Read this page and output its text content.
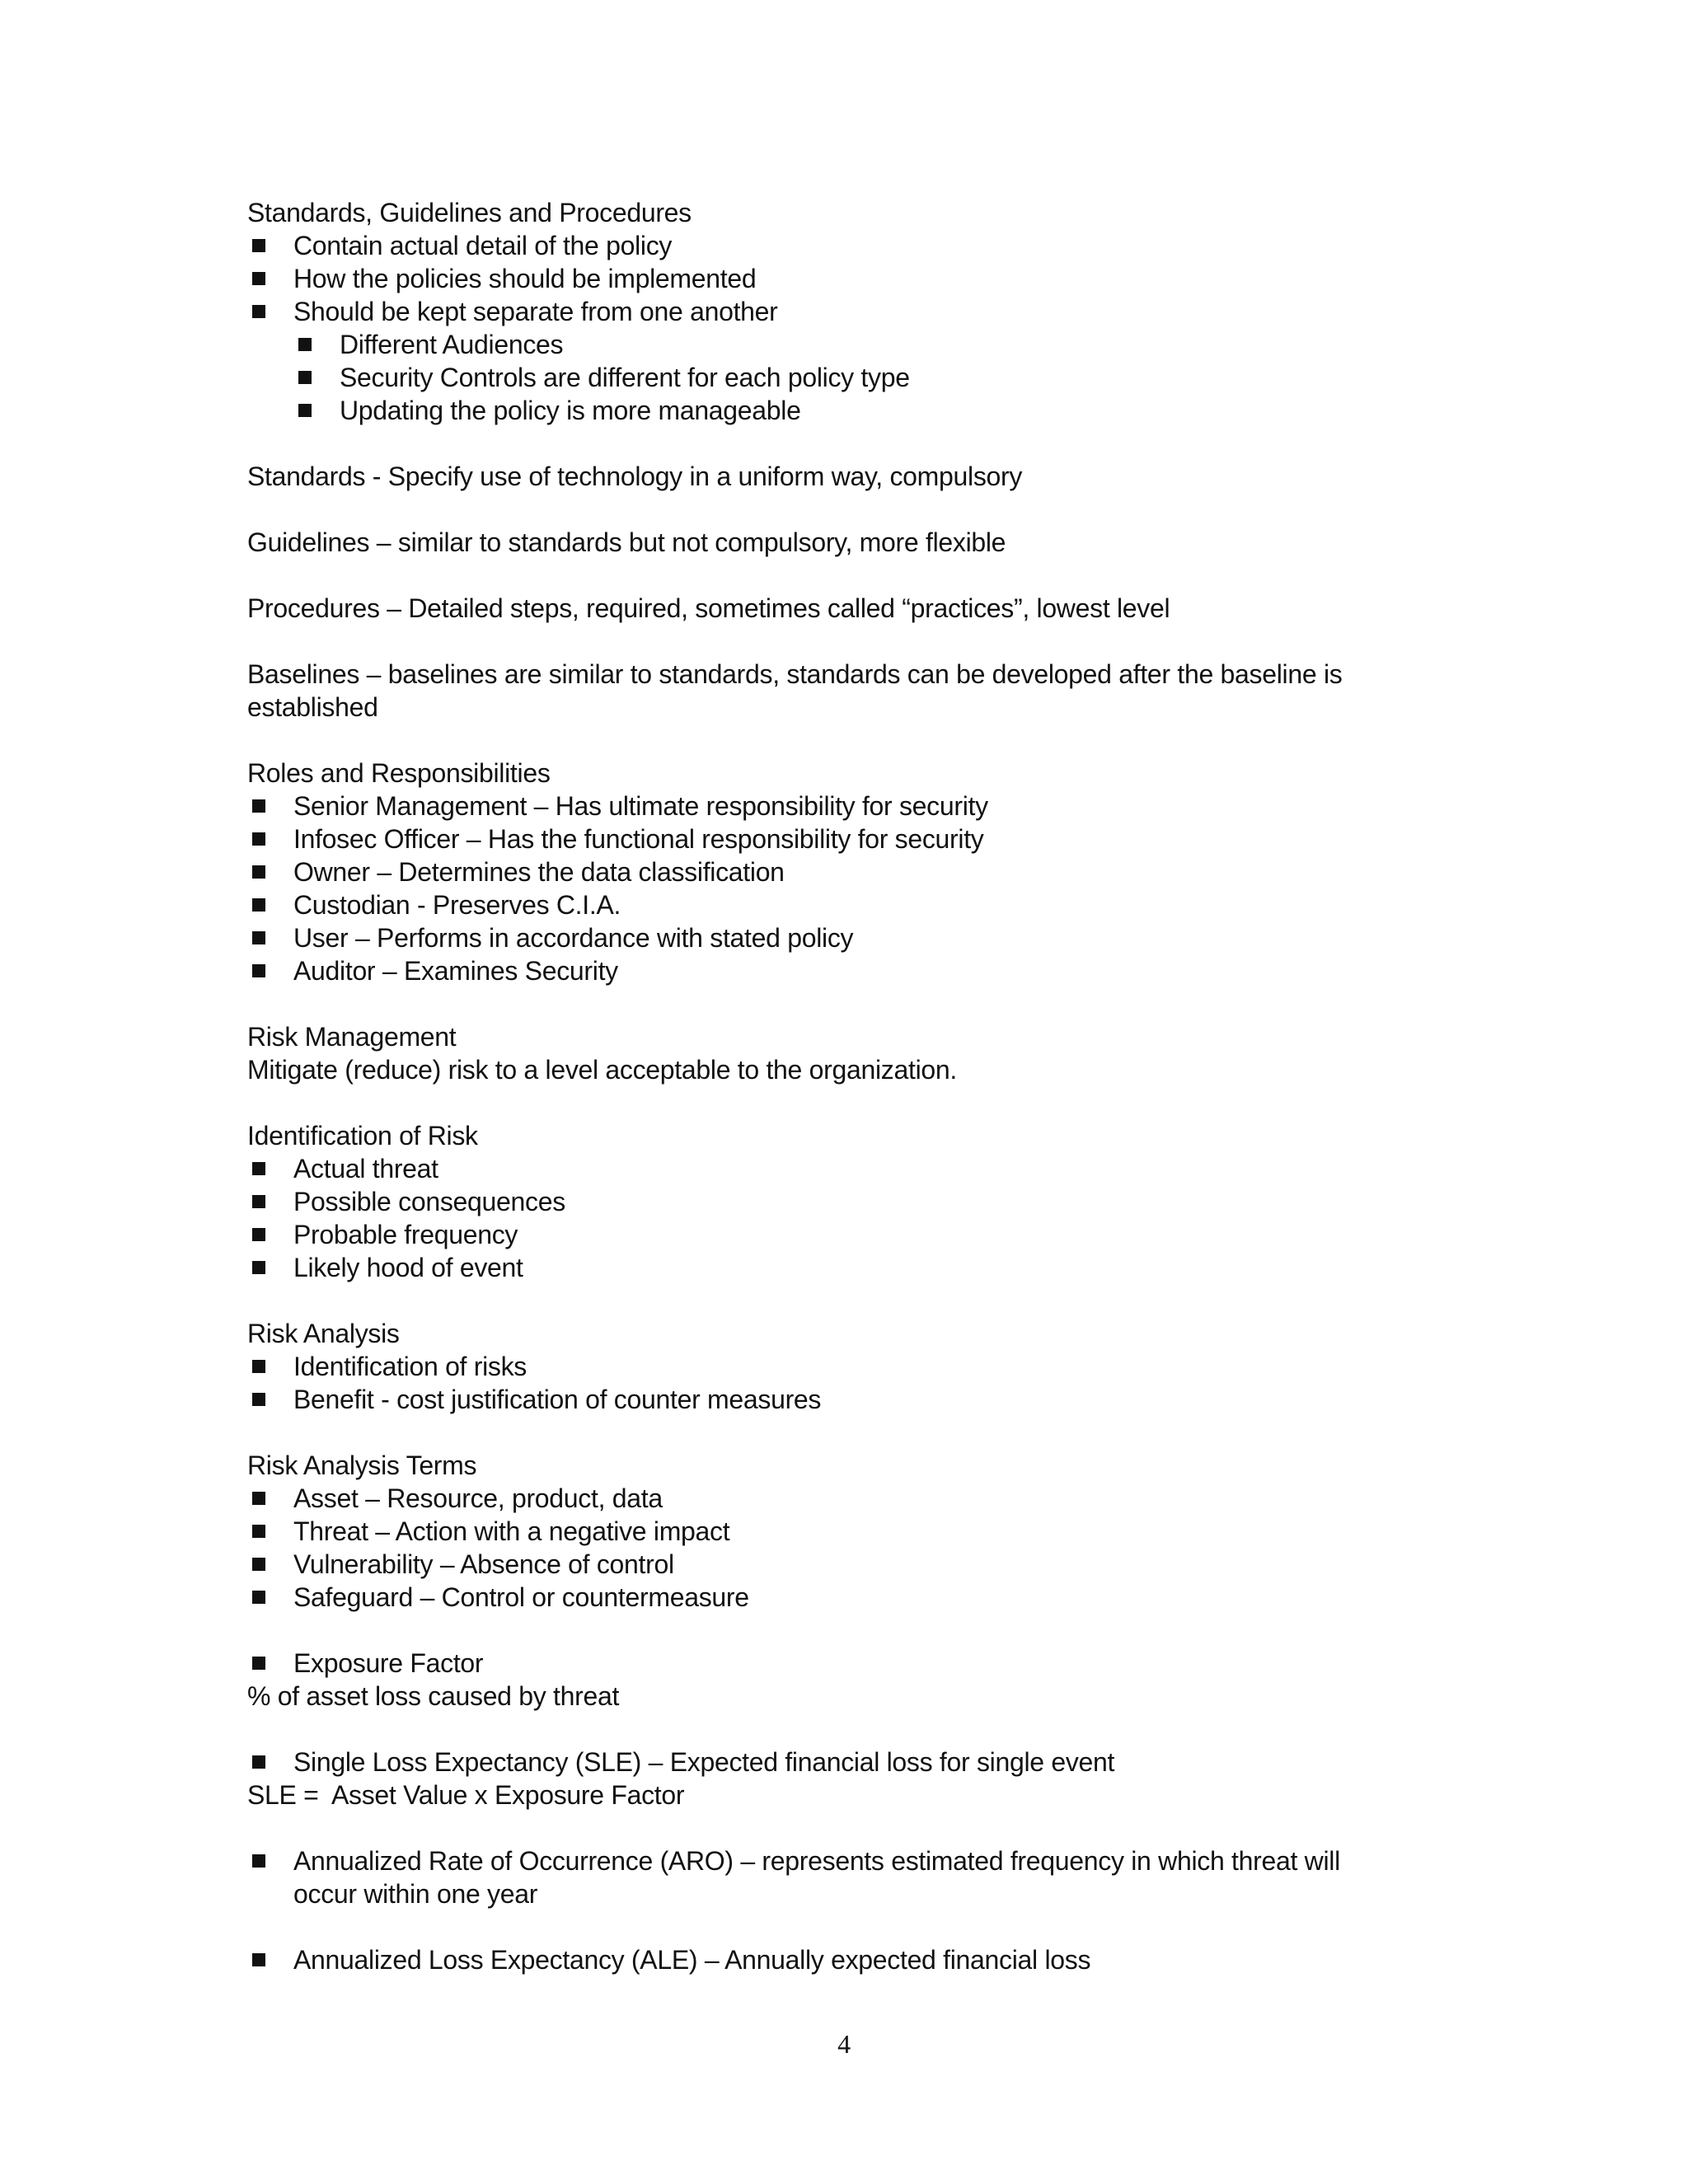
Standards, Guidelines and Procedures
Contain actual detail of the policy
How the policies should be implemented
Should be kept separate from one another
Different Audiences
Security Controls are different for each policy type
Updating the policy is more manageable
Standards - Specify use of technology in a uniform way, compulsory
Guidelines – similar to standards but not compulsory, more flexible
Procedures – Detailed steps, required, sometimes called “practices”, lowest level
Baselines – baselines are similar to standards, standards can be developed after the baseline is
established
Roles and Responsibilities
Senior Management – Has ultimate responsibility for security
Infosec Officer – Has the functional responsibility for security
Owner – Determines the data classification
Custodian - Preserves C.I.A.
User – Performs in accordance with stated policy
Auditor – Examines Security
Risk Management
Mitigate (reduce) risk to a level acceptable to the organization.
Identification of Risk
Actual threat
Possible consequences
Probable frequency
Likely hood of event
Risk Analysis
Identification of risks
Benefit - cost justification of counter measures
Risk Analysis Terms
Asset – Resource, product, data
Threat – Action with a negative impact
Vulnerability – Absence of control
Safeguard – Control or countermeasure
Exposure Factor
% of asset loss caused by threat
Single Loss Expectancy (SLE) – Expected financial loss for single event
SLE =  Asset Value x Exposure Factor
Annualized Rate of Occurrence (ARO) – represents estimated frequency in which threat will
occur within one year
Annualized Loss Expectancy (ALE) – Annually expected financial loss
4
